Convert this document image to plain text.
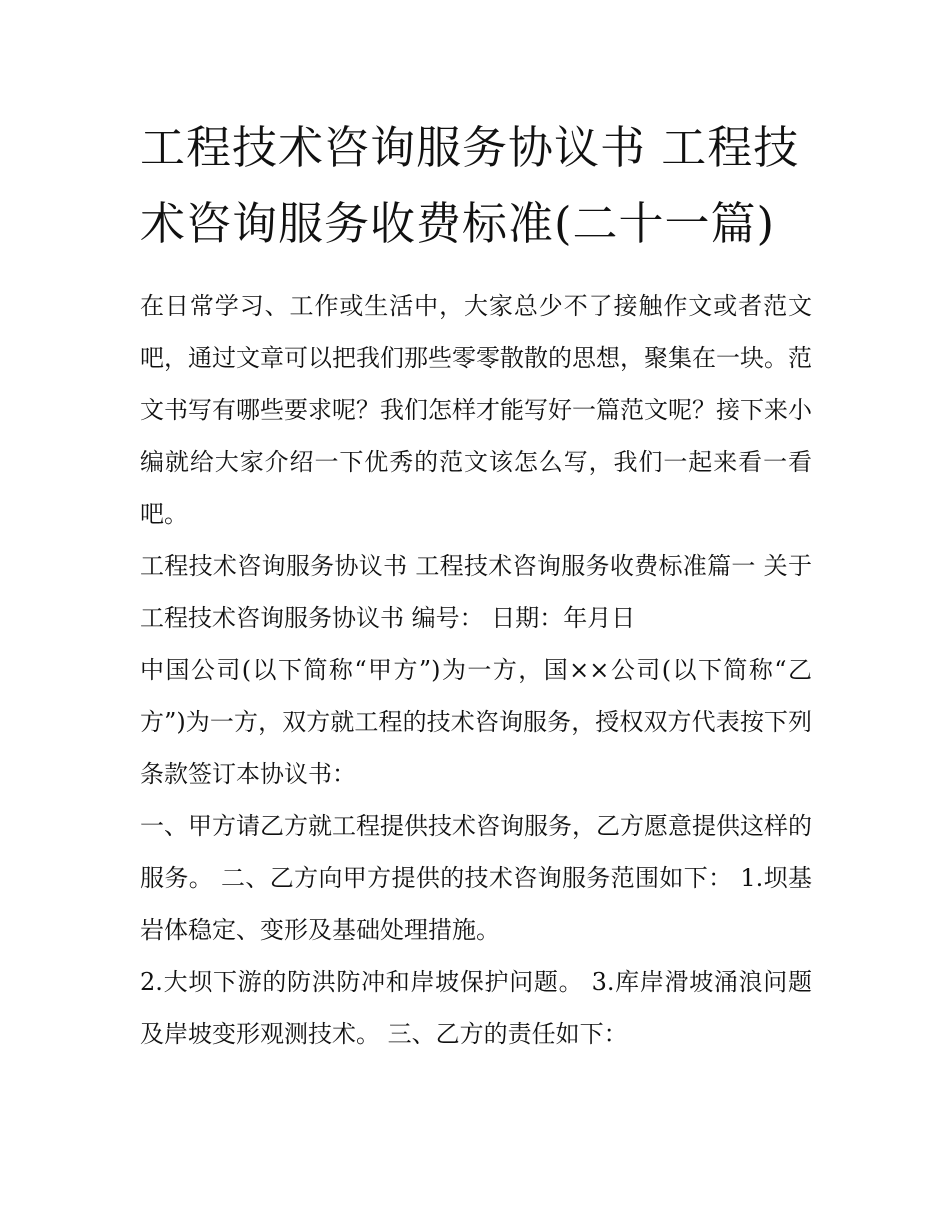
工程技术咨询服务协议书 工程技术咨询服务收费标准(二十一篇)

在日常学习、工作或生活中，大家总少不了接触作文或者范文吧，通过文章可以把我们那些零零散散的思想，聚集在一块。范文书写有哪些要求呢？我们怎样才能写好一篇范文呢？接下来小编就给大家介绍一下优秀的范文该怎么写，我们一起来看一看吧。

工程技术咨询服务协议书 工程技术咨询服务收费标准篇一 关于工程技术咨询服务协议书 编号： 日期：年月日

中国公司(以下简称“甲方”)为一方，国××公司(以下简称“乙方”)为一方，双方就工程的技术咨询服务，授权双方代表按下列条款签订本协议书：

一、甲方请乙方就工程提供技术咨询服务，乙方愿意提供这样的服务。 二、乙方向甲方提供的技术咨询服务范围如下： 1.坝基岩体稳定、变形及基础处理措施。

2.大坝下游的防洪防冲和岸坡保护问题。 3.库岸滑坡涌浪问题及岸坡变形观测技术。 三、乙方的责任如下：
